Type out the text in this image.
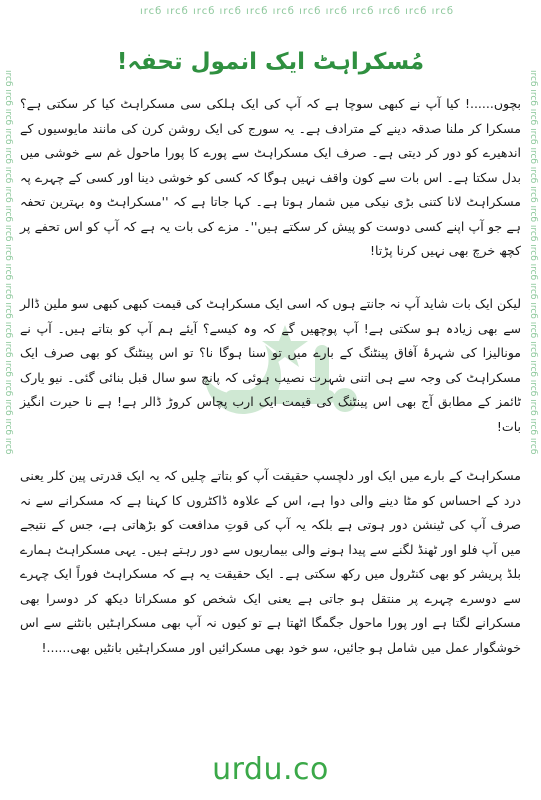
ırcб ırcб ırcб ırcб ırcб ırcб ırcб ırcб ırcб ırcб ırcб ırcб
ırcб ırcб ırcб ırcб ırcб ırcб ırcб ırcб ırcб ırcб ırcб ırcб ırcб ırcб ırcб ırcб ırcб ırcб ırcб ırcб	ırcб ırcб ırcб ırcб ırcб ırcб ırcб ırcб ırcб ırcб ırcб ırcб ırcб ırcб ırcб ırcб ırcб ırcб ırcб ırcб
مُسکراہٹ ایک انمول تحفہ!
بچوں......! کیا آپ نے کبھی سوچا ہے کہ آپ کی ایک ہلکی سی مسکراہٹ کیا کر سکتی ہے؟ مسکرا کر ملنا صدقہ دینے کے مترادف ہے۔ یہ سورج کی ایک روشن کرن کی مانند مایوسیوں کے اندھیرے کو دور کر دیتی ہے۔ صرف ایک مسکراہٹ سے پورے کا پورا ماحول غم سے خوشی میں بدل سکتا ہے۔ اس بات سے کون واقف نہیں ہوگا کہ کسی کو خوشی دینا اور کسی کے چہرے پہ مسکراہٹ لانا کتنی بڑی نیکی میں شمار ہوتا ہے۔ کہا جاتا ہے کہ ''مسکراہٹ وہ بہترین تحفہ ہے جو آپ اپنے کسی دوست کو پیش کر سکتے ہیں''۔ مزے کی بات یہ ہے کہ آپ کو اس تحفے پر کچھ خرچ بھی نہیں کرنا پڑتا!
لیکن ایک بات شاید آپ نہ جانتے ہوں کہ اسی ایک مسکراہٹ کی قیمت کبھی کبھی سو ملین ڈالر سے بھی زیادہ ہو سکتی ہے! آپ پوچھیں گے کہ وہ کیسے؟ آیئے ہم آپ کو بتاتے ہیں۔ آپ نے مونالیزا کی شہرۂ آفاق پینٹنگ کے بارے میں تو سنا ہوگا نا؟ تو اس پینٹنگ کو بھی صرف ایک مسکراہٹ کی وجہ سے ہی اتنی شہرت نصیب ہوئی کہ پانچ سو سال قبل بنائی گئی۔ نیو یارک ٹائمز کے مطابق آج بھی اس پینٹنگ کی قیمت ایک ارب پچاس کروڑ ڈالر ہے! ہے نا حیرت انگیز بات!
مسکراہٹ کے بارے میں ایک اور دلچسپ حقیقت آپ کو بتاتے چلیں کہ یہ ایک قدرتی پین کلر یعنی درد کے احساس کو مٹا دینے والی دوا ہے، اس کے علاوہ ڈاکٹروں کا کہنا ہے کہ مسکرانے سے نہ صرف آپ کی ٹینشن دور ہوتی ہے بلکہ یہ آپ کی قوتِ مدافعت کو بڑھاتی ہے، جس کے نتیجے میں آپ فلو اور ٹھنڈ لگنے سے پیدا ہونے والی بیماریوں سے دور رہتے ہیں۔ یہی مسکراہٹ ہمارے بلڈ پریشر کو بھی کنٹرول میں رکھ سکتی ہے۔ ایک حقیقت یہ ہے کہ مسکراہٹ فوراً ایک چہرے سے دوسرے چہرے پر منتقل ہو جاتی ہے یعنی ایک شخص کو مسکراتا دیکھ کر دوسرا بھی مسکرانے لگتا ہے اور پورا ماحول جگمگا اٹھتا ہے تو کیوں نہ آپ بھی مسکراہٹیں بانٹنے سے اس خوشگوار عمل میں شامل ہو جائیں، سو خود بھی مسکرائیں اور مسکراہٹیں بانٹیں بھی......!
urdu.co
